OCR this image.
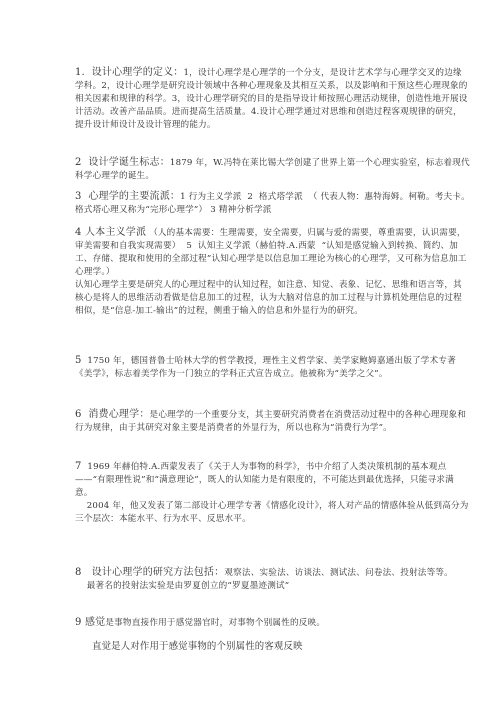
1.  设计心理学的定义：1，设计心理学是心理学的一个分支，是设计艺术学与心理学交叉的边缘学科。2，设计心理学是研究设计领域中各种心理现象及其相互关系，以及影响和干预这些心理现象的相关因素和规律的科学。3，设计心理学研究的目的是指导设计师按照心理活动规律，创造性地开展设计活动。改善产品品质。进而提高生活质量。4.设计心理学通过对思维和创造过程客观规律的研究，提升设计师设计及设计管理的能力。
2  设计学诞生标志：1879 年，W.冯特在莱比锡大学创建了世界上第一个心理实验室，标志着现代科学心理学的诞生。
3  心理学的主要流派：1 行为主义学派  2  格式塔学派  （ 代表人物：惠特海姆。柯勒。考夫卡。格式塔心理又称为“完形心理学”） 3 精神分析学派
4 人本主义学派 （人的基本需要：生理需要，安全需要，归属与爱的需要，尊重需要，认识需要，审美需要和自我实现需要）  5  认知主义学派（赫伯特.A.西蒙  “认知是感觉输入到转换、简约、加工、存储、提取和使用的全部过程”认知心理学是以信息加工理论为核心的心理学，又可称为信息加工心理学。）
认知心理学主要是研究人的心理过程中的认知过程，如注意、知觉、表象、记忆、思维和语言等，其核心是将人的思维活动看做是信息加工的过程，认为大脑对信息的加工过程与计算机处理信息的过程相似，是“信息-加工-输出”的过程，侧重于输入的信息和外显行为的研究。
5  1750 年，德国普鲁士哈林大学的哲学教授，理性主义哲学家、美学家鲍姆嘉通出版了学术专著《美学》，标志着美学作为一门独立的学科正式宣告成立。他被称为“美学之父”。
6  消费心理学：是心理学的一个重要分支，其主要研究消费者在消费活动过程中的各种心理现象和行为规律，由于其研究对象主要是消费者的外显行为，所以也称为“消费行为学”。
7  1969 年赫伯特.A.西蒙发表了《关于人为事物的科学》，书中介绍了人类决策机制的基本观点——“有限理性说”和“满意理论”，既人的认知能力是有限度的，不可能达到最优选择，只能寻求满意。
2004 年，他又发表了第二部设计心理学专著《情感化设计》，将人对产品的情感体验从低到高分为三个层次：本能水平、行为水平、反思水平。
8   设计心理学的研究方法包括：观察法、实验法、访谈法、测试法、问卷法、投射法等等。
最著名的投射法实验是由罗夏创立的“罗夏墨迹测试”
9 感觉是事物直接作用于感觉器官时，对事物个别属性的反映。
直觉是人对作用于感觉事物的个别属性的客观反映
